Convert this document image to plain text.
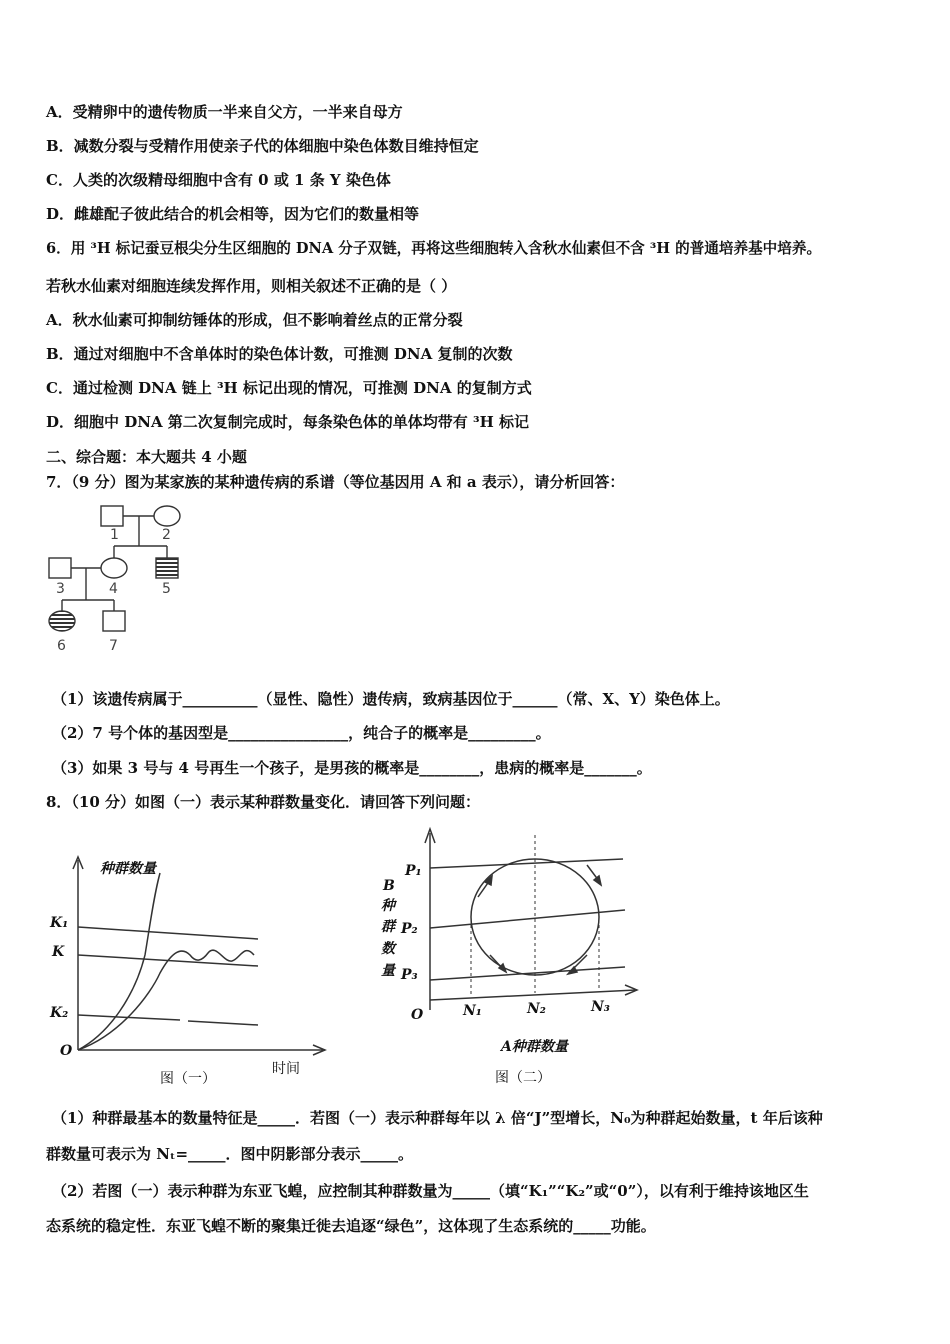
A．受精卵中的遗传物质一半来自父方，一半来自母方
B．减数分裂与受精作用使亲子代的体细胞中染色体数目维持恒定
C．人类的次级精母细胞中含有 0 或 1 条 Y 染色体
D．雌雄配子彼此结合的机会相等，因为它们的数量相等
6．用 ³H 标记蚕豆根尖分生区细胞的 DNA 分子双链，再将这些细胞转入含秋水仙素但不含 ³H 的普通培养基中培养。
若秋水仙素对细胞连续发挥作用，则相关叙述不正确的是（ ）
A．秋水仙素可抑制纺锤体的形成，但不影响着丝点的正常分裂
B．通过对细胞中不含单体时的染色体计数，可推测 DNA 复制的次数
C．通过检测 DNA 链上 ³H 标记出现的情况，可推测 DNA 的复制方式
D．细胞中 DNA 第二次复制完成时，每条染色体的单体均带有 ³H 标记
二、综合题：本大题共 4 小题
7．（9 分）图为某家族的某种遗传病的系谱（等位基因用 A 和 a 表示），请分析回答：
1	2
3	4	5
6	7
（1）该遗传病属于__________（显性、隐性）遗传病，致病基因位于______（常、X、Y）染色体上。
（2）7 号个体的基因型是________________，纯合子的概率是_________。
（3）如果 3 号与 4 号再生一个孩子，是男孩的概率是________，患病的概率是_______。
8．（10 分）如图（一）表示某种群数量变化．请回答下列问题：
种群数量
K₁
K
K₂
O
时间
图（一）
P₁
P₂
P₃
B
种
群
数
量
O	N₁	N₂	N₃
A种群数量
图（二）
（1）种群最基本的数量特征是_____．若图（一）表示种群每年以 λ 倍“J”型增长，N₀为种群起始数量，t 年后该种
群数量可表示为 Nₜ=_____．图中阴影部分表示_____。
（2）若图（一）表示种群为东亚飞蝗，应控制其种群数量为_____（填“K₁”“K₂”或“0”），以有利于维持该地区生
态系统的稳定性．东亚飞蝗不断的聚集迁徙去追逐“绿色”，这体现了生态系统的_____功能。
